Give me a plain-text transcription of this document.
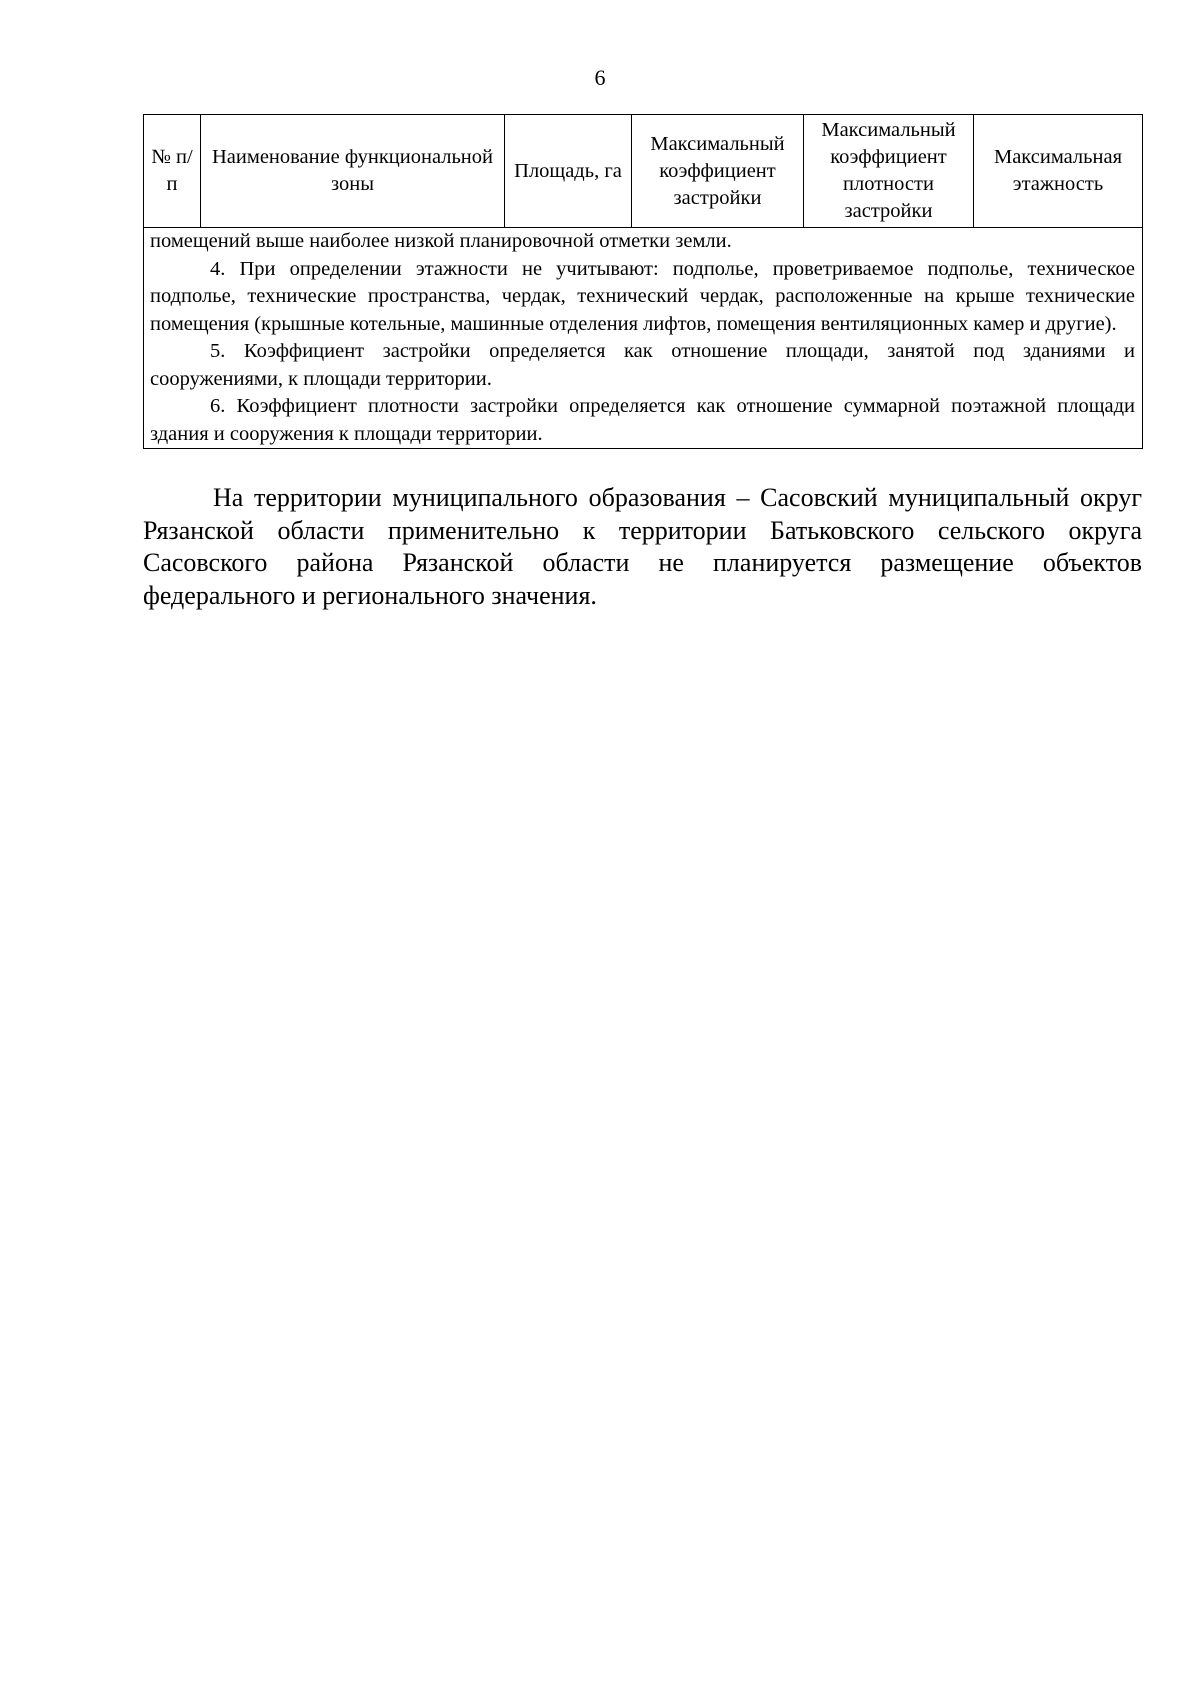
6
№ п/п	Наименование функциональной зоны	Площадь, га	Максимальный коэффициент застройки	Максимальный коэффициент плотности застройки	Максимальная этажность

помещений выше наиболее низкой планировочной отметки земли.

4. При определении этажности не учитывают: подполье, проветриваемое подполье, техническое подполье, технические пространства, чердак, технический чердак, расположенные на крыше технические помещения (крышные котельные, машинные отделения лифтов, помещения вентиляционных камер и другие).

5. Коэффициент застройки определяется как отношение площади, занятой под зданиями и сооружениями, к площади территории.

6. Коэффициент плотности застройки определяется как отношение суммарной поэтажной площади здания и сооружения к площади территории.

На территории муниципального образования – Сасовский муниципальный округ Рязанской области применительно к территории Батьковского сельского округа Сасовского района Рязанской области не планируется размещение объектов федерального и регионального значения.
